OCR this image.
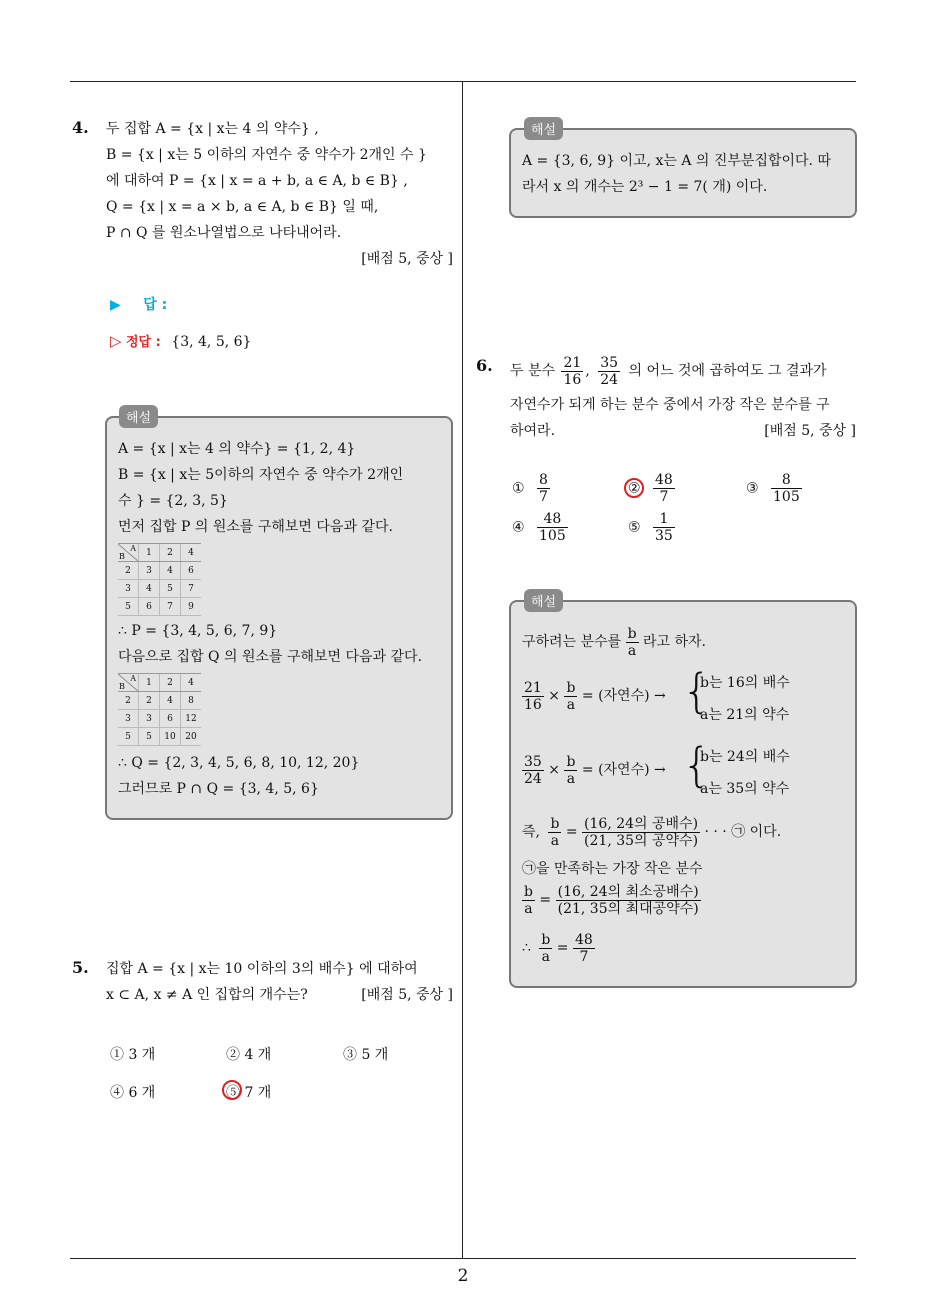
2
4. 두 집합 A = {x | x는 4 의 약수} ,
B = {x | x는 5 이하의 자연수 중 약수가 2개인 수 }
에 대하여 P = {x | x = a + b, a ∈ A, b ∈ B} ,
Q = {x | x = a × b, a ∈ A, b ∈ B} 일 때,
P ∩ Q 를 원소나열법으로 나타내어라.
[배점 5, 중상 ]
▶ 답 :
▷ 정답 : {3, 4, 5, 6}
해설
A = {x | x는 4 의 약수} = {1, 2, 4}
B = {x | x는 5이하의 자연수 중 약수가 2개인
수 } = {2, 3, 5}
먼저 집합 P 의 원소를 구해보면 다음과 같다.
A
B	1	2	4
2	3	4	6
3	4	5	7
5	6	7	9
∴ P = {3, 4, 5, 6, 7, 9}
다음으로 집합 Q 의 원소를 구해보면 다음과 같다.
A
B	1	2	4
2	2	4	8
3	3	6	12
5	5	10	20
∴ Q = {2, 3, 4, 5, 6, 8, 10, 12, 20}
그러므로 P ∩ Q = {3, 4, 5, 6}
5. 집합 A = {x | x는 10 이하의 3의 배수} 에 대하여
x ⊂ A, x ≠ A 인 집합의 개수는?	[배점 5, 중상 ]
① 3 개	② 4 개	③ 5 개
④ 6 개	⑤ 7 개
해설
A = {3, 6, 9} 이고, x는 A 의 진부분집합이다. 따
라서 x 의 개수는 2³ − 1 = 7( 개) 이다.
6. 두 분수 $\frac{21}{16}$ , $\frac{35}{24}$ 의 어느 것에 곱하여도 그 결과가
자연수가 되게 하는 분수 중에서 가장 작은 분수를 구
하여라.	[배점 5, 중상 ]
① $\frac{8}{7}$	② $\frac{48}{7}$	③ $\frac{8}{105}$
④ $\frac{48}{105}$	⑤ $\frac{1}{35}$
해설
구하려는 분수를 $\frac{b}{a}$ 라고 하자.
$\frac{21}{16} \times \frac{b}{a}$ = (자연수) → {
b는 16의 배수
a는 21의 약수
$\frac{35}{24} \times \frac{b}{a}$ = (자연수) → {
b는 24의 배수
a는 35의 약수
즉, $\frac{b}{a} = \frac{\text{(16, 24의 공배수)}}{\text{(21, 35의 공약수)}}$ · · · ㉠ 이다.
㉠을 만족하는 가장 작은 분수
$\frac{b}{a} = \frac{\text{(16, 24의 최소공배수)}}{\text{(21, 35의 최대공약수)}}$
∴ $\frac{b}{a} = \frac{48}{7}$
